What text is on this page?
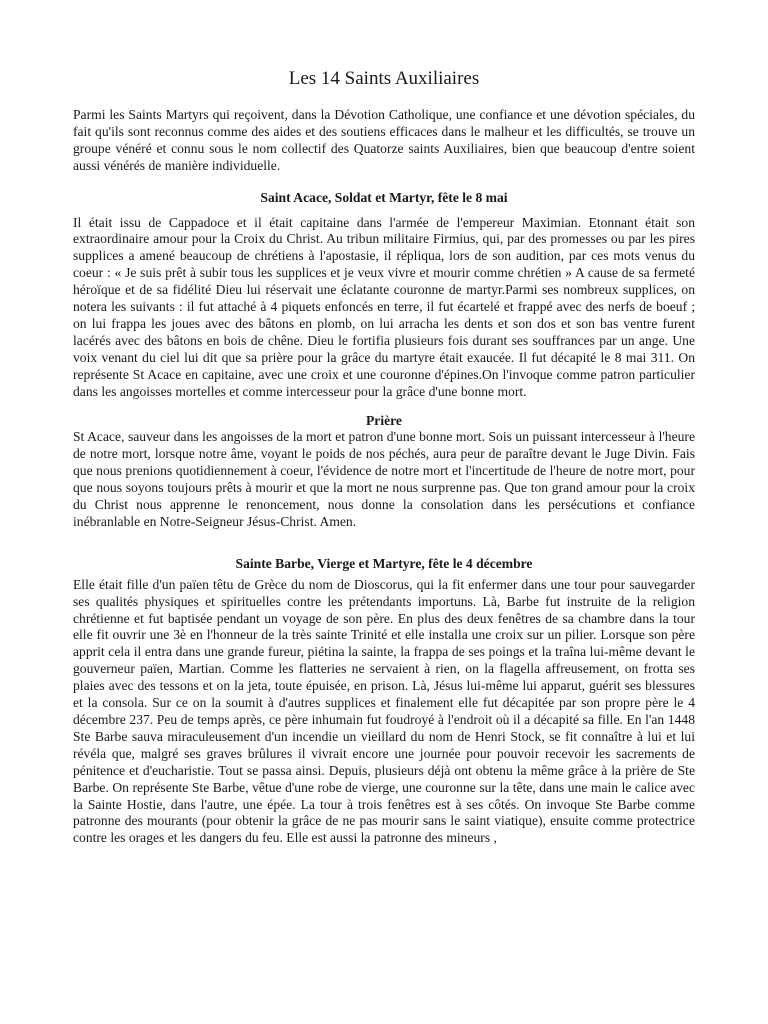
Les 14 Saints Auxiliaires

Parmi les Saints Martyrs qui reçoivent, dans la Dévotion Catholique, une confiance et une dévotion spéciales, du fait qu'ils sont reconnus comme des aides et des soutiens efficaces dans le malheur et les difficultés, se trouve un groupe vénéré et connu sous le nom collectif des Quatorze saints Auxiliaires, bien que beaucoup d'entre soient aussi vénérés de manière individuelle.

Saint Acace, Soldat et Martyr, fête le 8 mai

Il était issu de Cappadoce et il était capitaine dans l'armée de l'empereur Maximian. Etonnant était son extraordinaire amour pour la Croix du Christ. Au tribun militaire Firmius, qui, par des promesses ou par les pires supplices a amené beaucoup de chrétiens à l'apostasie, il répliqua, lors de son audition, par ces mots venus du coeur : « Je suis prêt à subir tous les supplices et je veux vivre et mourir comme chrétien » A cause de sa fermeté héroïque et de sa fidélité Dieu lui réservait une éclatante couronne de martyr.Parmi ses nombreux supplices, on notera les suivants : il fut attaché à 4 piquets enfoncés en terre, il fut écartelé et frappé avec des nerfs de boeuf ; on lui frappa les joues avec des bâtons en plomb, on lui arracha les dents et son dos et son bas ventre furent lacérés avec des bâtons en bois de chêne. Dieu le fortifia plusieurs fois durant ses souffrances par un ange. Une voix venant du ciel lui dit que sa prière pour la grâce du martyre était exaucée. Il fut décapité le 8 mai 311. On représente St Acace en capitaine, avec une croix et une couronne d'épines.On l'invoque comme patron particulier dans les angoisses mortelles et comme intercesseur pour la grâce d'une bonne mort.

Prière

St Acace, sauveur dans les angoisses de la mort et patron d'une bonne mort. Sois un puissant intercesseur à l'heure de notre mort, lorsque notre âme, voyant le poids de nos péchés, aura peur de paraître devant le Juge Divin. Fais que nous prenions quotidiennement à coeur, l'évidence de notre mort et l'incertitude de l'heure de notre mort, pour que nous soyons toujours prêts à mourir et que la mort ne nous surprenne pas. Que ton grand amour pour la croix du Christ nous apprenne le renoncement, nous donne la consolation dans les persécutions et confiance inébranlable en Notre-Seigneur Jésus-Christ. Amen.

Sainte Barbe, Vierge et Martyre, fête le 4 décembre

Elle était fille d'un païen têtu de Grèce du nom de Dioscorus, qui la fit enfermer dans une tour pour sauvegarder ses qualités physiques et spirituelles contre les prétendants importuns. Là, Barbe fut instruite de la religion chrétienne et fut baptisée pendant un voyage de son père. En plus des deux fenêtres de sa chambre dans la tour elle fit ouvrir une 3è en l'honneur de la très sainte Trinité et elle installa une croix sur un pilier. Lorsque son père apprit cela il entra dans une grande fureur, piétina la sainte, la frappa de ses poings et la traîna lui-même devant le gouverneur païen, Martian. Comme les flatteries ne servaient à rien, on la flagella affreusement, on frotta ses plaies avec des tessons et on la jeta, toute épuisée, en prison. Là, Jésus lui-même lui apparut, guérit ses blessures et la consola. Sur ce on la soumit à d'autres supplices et finalement elle fut décapitée par son propre père le 4 décembre 237. Peu de temps après, ce père inhumain fut foudroyé à l'endroit où il a décapité sa fille. En l'an 1448 Ste Barbe sauva miraculeusement d'un incendie un vieillard du nom de Henri Stock, se fit connaître à lui et lui révéla que, malgré ses graves brûlures il vivrait encore une journée pour pouvoir recevoir les sacrements de pénitence et d'eucharistie. Tout se passa ainsi. Depuis, plusieurs déjà ont obtenu la même grâce à la prière de Ste Barbe. On représente Ste Barbe, vêtue d'une robe de vierge, une couronne sur la tête, dans une main le calice avec la Sainte Hostie, dans l'autre, une épée. La tour à trois fenêtres est à ses côtés. On invoque Ste Barbe comme patronne des mourants (pour obtenir la grâce de ne pas mourir sans le saint viatique), ensuite comme protectrice contre les orages et les dangers du feu. Elle est aussi la patronne des mineurs ,
